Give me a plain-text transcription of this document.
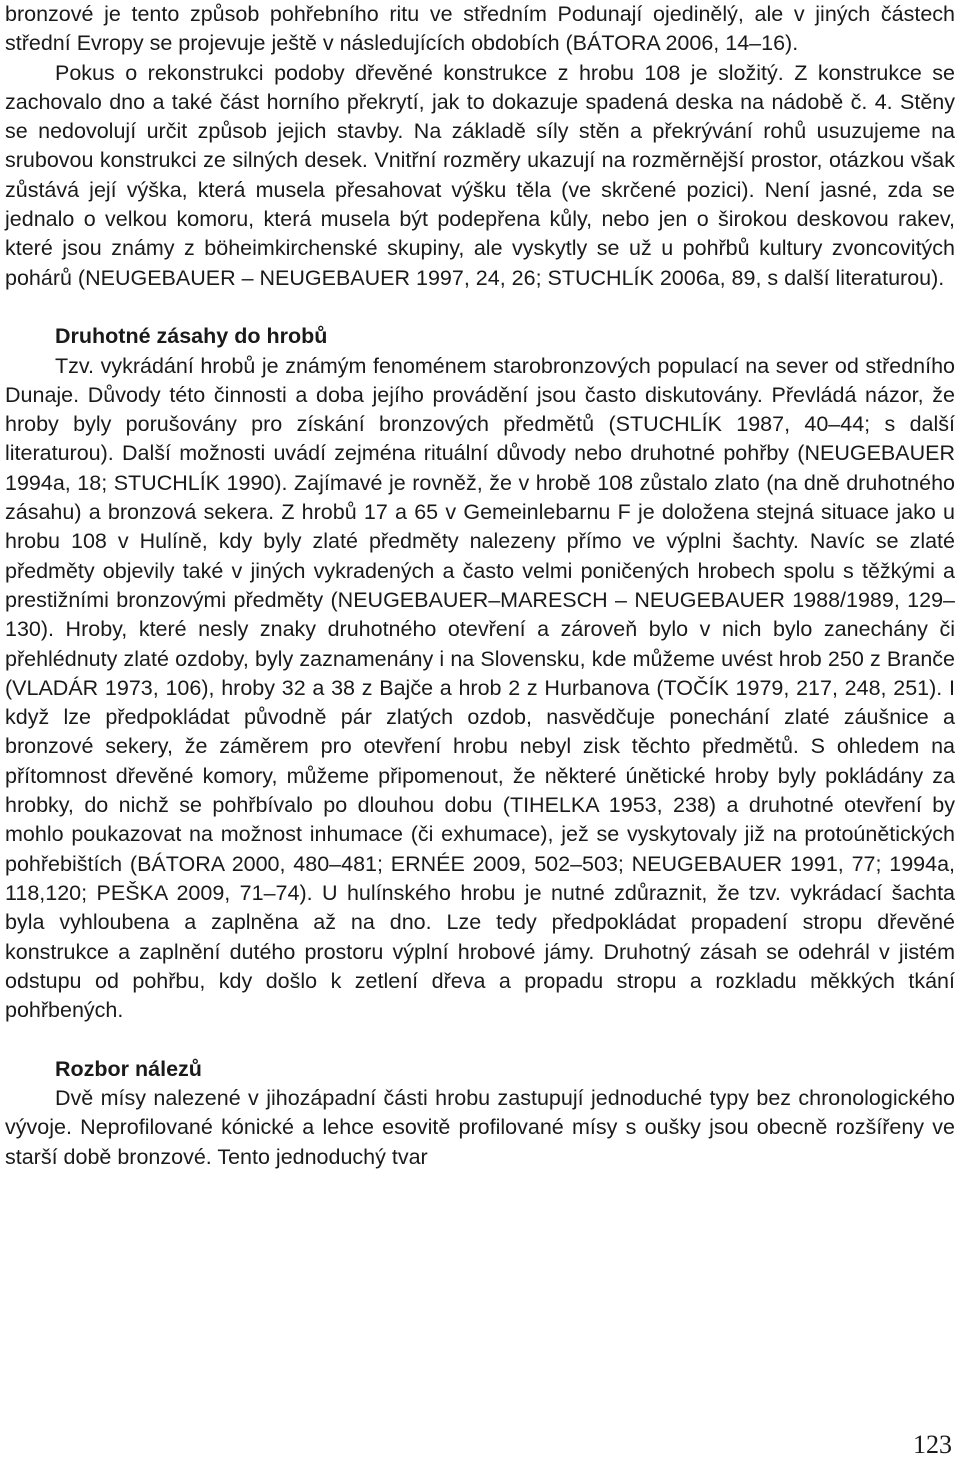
bronzové je tento způsob pohřebního ritu ve středním Podunají ojedinělý, ale v jiných částech střední Evropy se projevuje ještě v následujících obdobích (BÁTORA 2006, 14–16).

Pokus o rekonstrukci podoby dřevěné konstrukce z hrobu 108 je složitý. Z konstrukce se zachovalo dno a také část horního překrytí, jak to dokazuje spadená deska na nádobě č. 4. Stěny se nedovolují určit způsob jejich stavby. Na základě síly stěn a překrývání rohů usuzujeme na srubovou konstrukci ze silných desek. Vnitřní rozměry ukazují na rozměrnější prostor, otázkou však zůstává její výška, která musela přesahovat výšku těla (ve skrčené pozici). Není jasné, zda se jednalo o velkou komoru, která musela být podepřena kůly, nebo jen o širokou deskovou rakev, které jsou známy z böheimkirchenské skupiny, ale vyskytly se už u pohřbů kultury zvoncovitých pohárů (NEUGEBAUER – NEUGEBAUER 1997, 24, 26; STUCHLÍK 2006a, 89, s další literaturou).

Druhotné zásahy do hrobů

Tzv. vykrádání hrobů je známým fenoménem starobronzových populací na sever od středního Dunaje. Důvody této činnosti a doba jejího provádění jsou často diskutovány. Převládá názor, že hroby byly porušovány pro získání bronzových předmětů (STUCHLÍK 1987, 40–44; s další literaturou). Další možnosti uvádí zejména rituální důvody nebo druhotné pohřby (NEUGEBAUER 1994a, 18; STUCHLÍK 1990). Zajímavé je rovněž, že v hrobě 108 zůstalo zlato (na dně druhotného zásahu) a bronzová sekera. Z hrobů 17 a 65 v Gemeinlebarnu F je doložena stejná situace jako u hrobu 108 v Hulíně, kdy byly zlaté předměty nalezeny přímo ve výplni šachty. Navíc se zlaté předměty objevily také v jiných vykradených a často velmi poničených hrobech spolu s těžkými a prestižními bronzovými předměty (NEUGEBAUER–MARESCH – NEUGEBAUER 1988/1989, 129–130). Hroby, které nesly znaky druhotného otevření a zároveň bylo v nich bylo zanechány či přehlédnuty zlaté ozdoby, byly zaznamenány i na Slovensku, kde můžeme uvést hrob 250 z Branče (VLADÁR 1973, 106), hroby 32 a 38 z Bajče a hrob 2 z Hurbanova (TOČÍK 1979, 217, 248, 251). I když lze předpokládat původně pár zlatých ozdob, nasvědčuje ponechání zlaté záušnice a bronzové sekery, že záměrem pro otevření hrobu nebyl zisk těchto předmětů. S ohledem na přítomnost dřevěné komory, můžeme připomenout, že některé únětické hroby byly pokládány za hrobky, do nichž se pohřbívalo po dlouhou dobu (TIHELKA 1953, 238) a druhotné otevření by mohlo poukazovat na možnost inhumace (či exhumace), jež se vyskytovaly již na protoúnětických pohřebištích (BÁTORA 2000, 480–481; ERNÉE 2009, 502–503; NEUGEBAUER 1991, 77; 1994a, 118,120; PEŠKA 2009, 71–74). U hulínského hrobu je nutné zdůraznit, že tzv. vykrádací šachta byla vyhloubena a zaplněna až na dno. Lze tedy předpokládat propadení stropu dřevěné konstrukce a zaplnění dutého prostoru výplní hrobové jámy. Druhotný zásah se odehrál v jistém odstupu od pohřbu, kdy došlo k zetlení dřeva a propadu stropu a rozkladu měkkých tkání pohřbených.

Rozbor nálezů

Dvě mísy nalezené v jihozápadní části hrobu zastupují jednoduché typy bez chronologického vývoje. Neprofilované kónické a lehce esovitě profilované mísy s oušky jsou obecně rozšířeny ve starší době bronzové. Tento jednoduchý tvar

123
